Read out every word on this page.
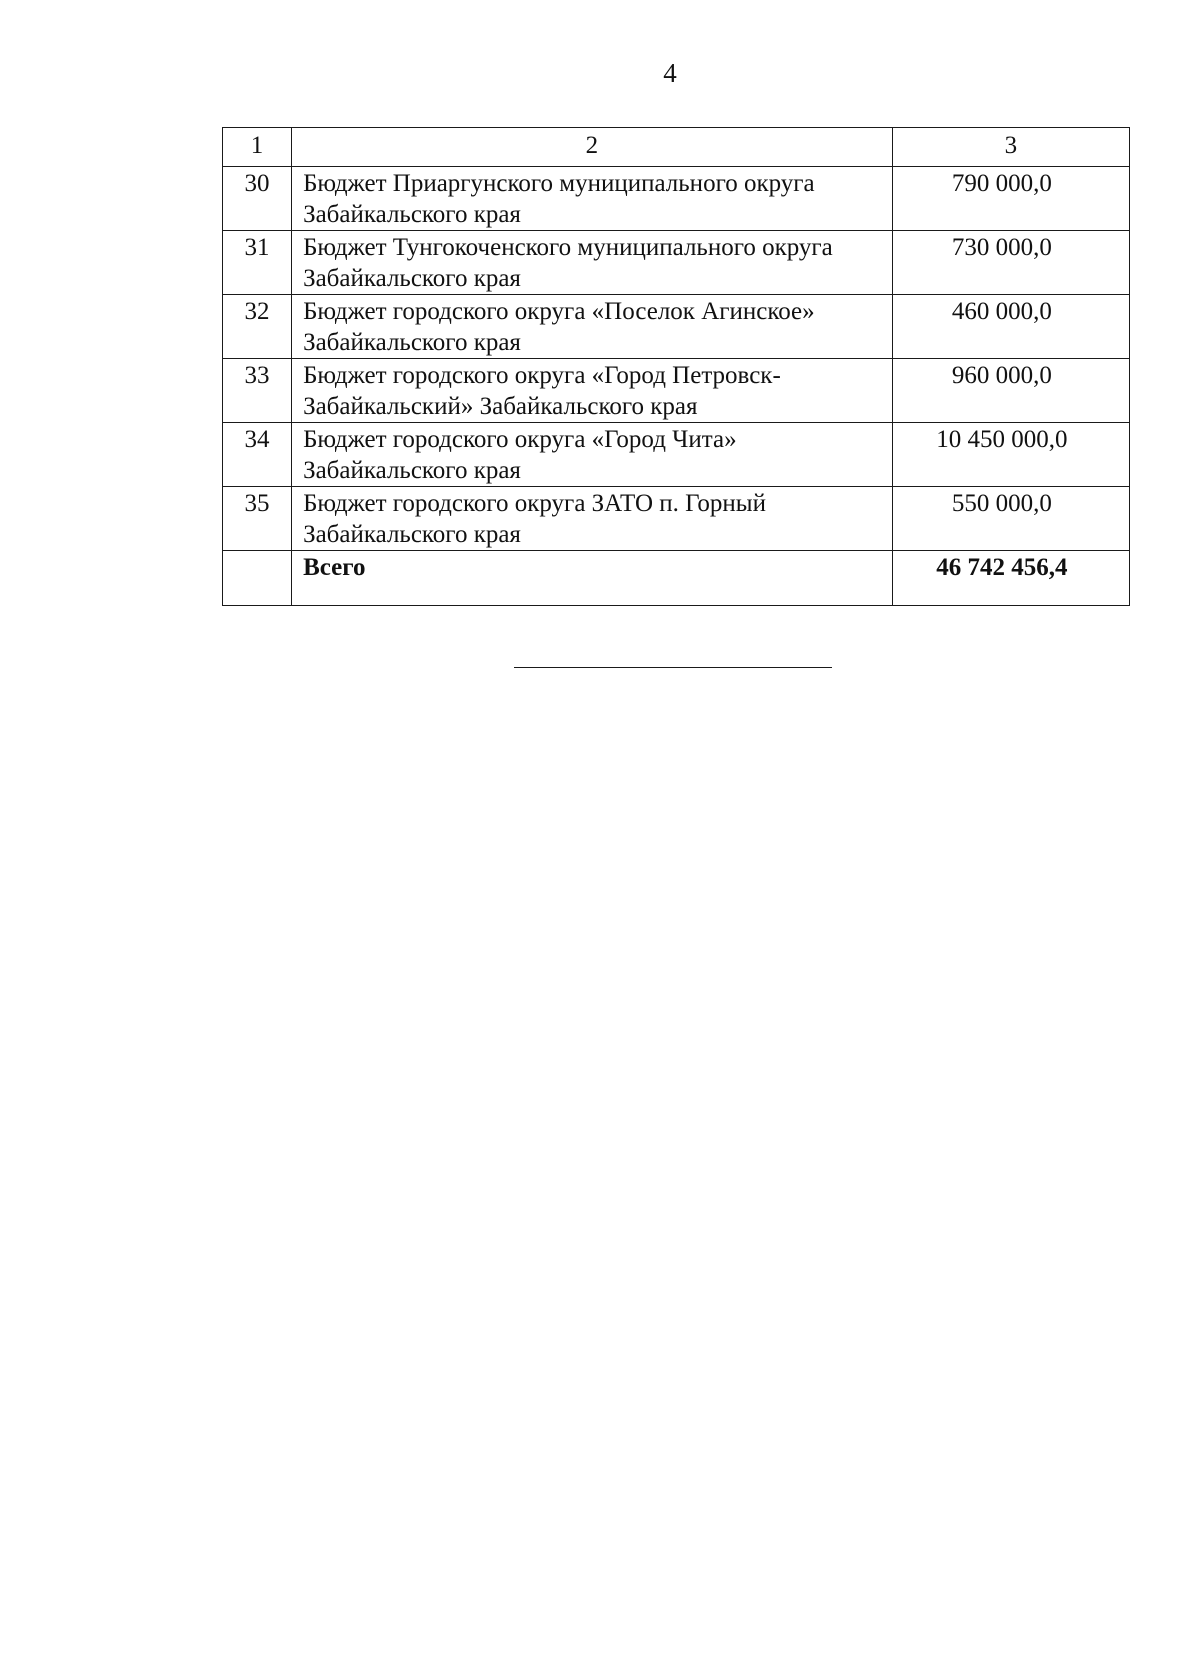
4
1	2	3
30	Бюджет Приаргунского муниципального округа Забайкальского края	790 000,0
31	Бюджет Тунгокоченского муниципального округа Забайкальского края	730 000,0
32	Бюджет городского округа «Поселок Агинское» Забайкальского края	460 000,0
33	Бюджет городского округа «Город Петровск-Забайкальский» Забайкальского края	960 000,0
34	Бюджет городского округа «Город Чита» Забайкальского края	10 450 000,0
35	Бюджет городского округа ЗАТО п. Горный Забайкальского края	550 000,0
	Всего	46 742 456,4
